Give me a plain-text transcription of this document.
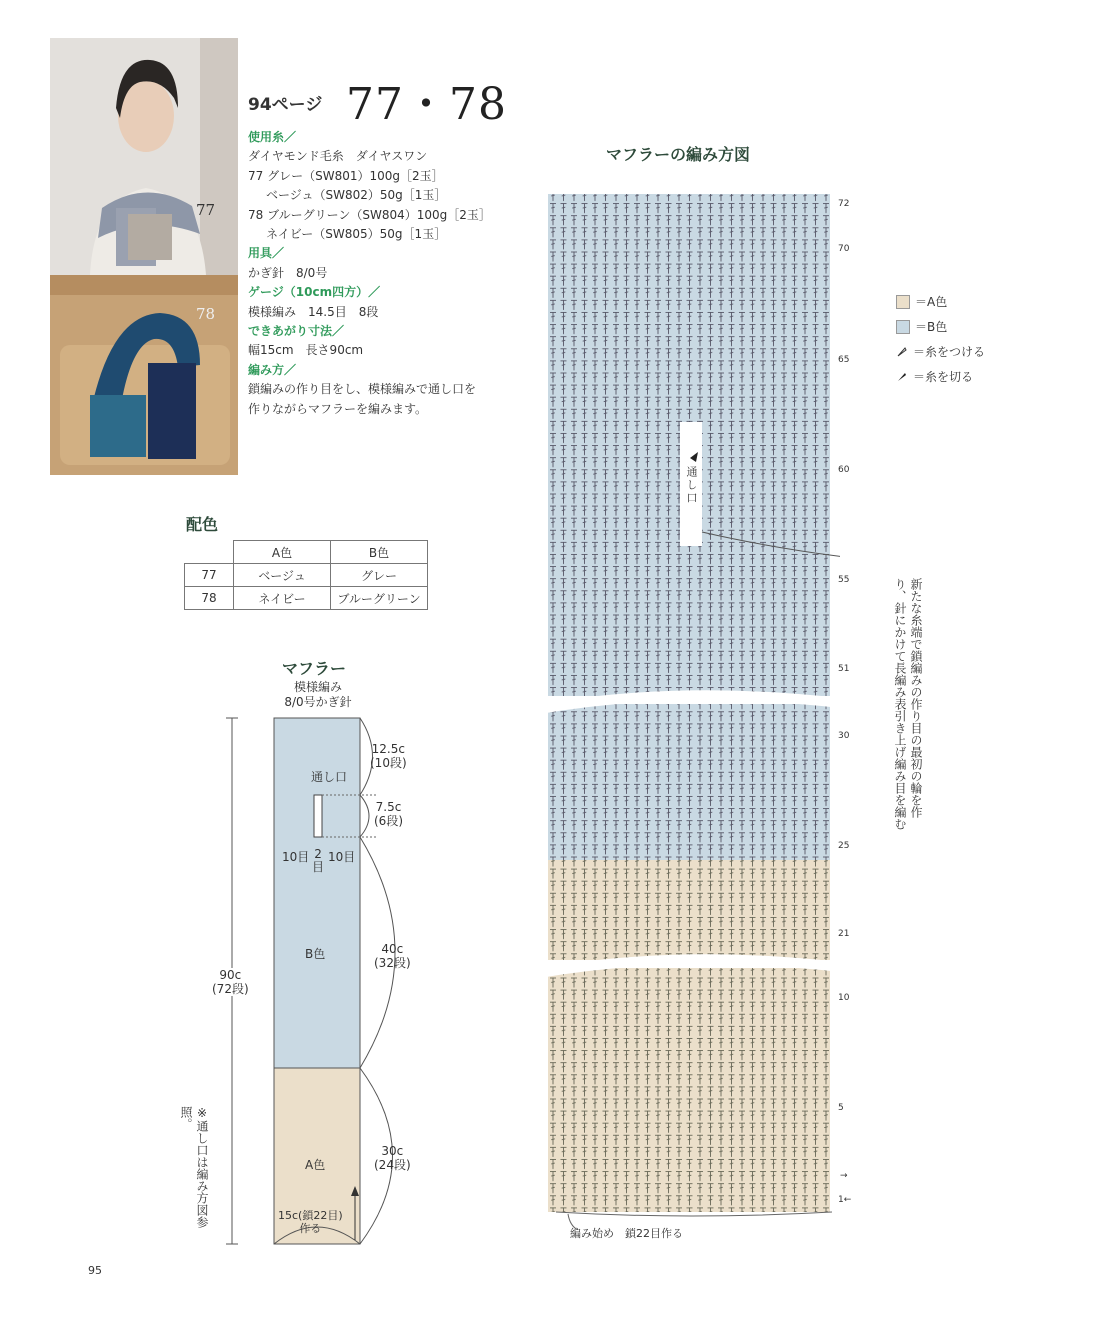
77
78
94ページ 77・78
使用糸／
ダイヤモンド毛糸　ダイヤスワン
77 グレー（SW801）100g［2玉］
ベージュ（SW802）50g［1玉］
78 ブルーグリーン（SW804）100g［2玉］
ネイビー（SW805）50g［1玉］
用具／
かぎ針　8/0号
ゲージ（10cm四方）／
模様編み　14.5目　8段
できあがり寸法／
幅15cm　長さ90cm
編み方／
鎖編みの作り目をし、模様編みで通し口を
作りながらマフラーを編みます。
配色
	A色	B色
77	ベージュ	グレー
78	ネイビー	ブルーグリーン
マフラー
模様編み
8/0号かぎ針
通し口
12.5c
(10段)
7.5c
(6段)
40c
(32段)
30c
(24段)
90c
(72段)
10目 2
目
10目
B色
A色
15c(鎖22目)
作る
※通し口は編み方図参照。
マフラーの編み方図
通し口
72
70
65
60
55
51
30
25
21
10
5
1←
→
編み始め　鎖22目作る
新たな糸端で鎖編みの作り目の最初の輪を作り、針にかけて長編み表引き上げ編み目を編む
＝A色
＝B色
＝糸をつける
＝糸を切る
95
